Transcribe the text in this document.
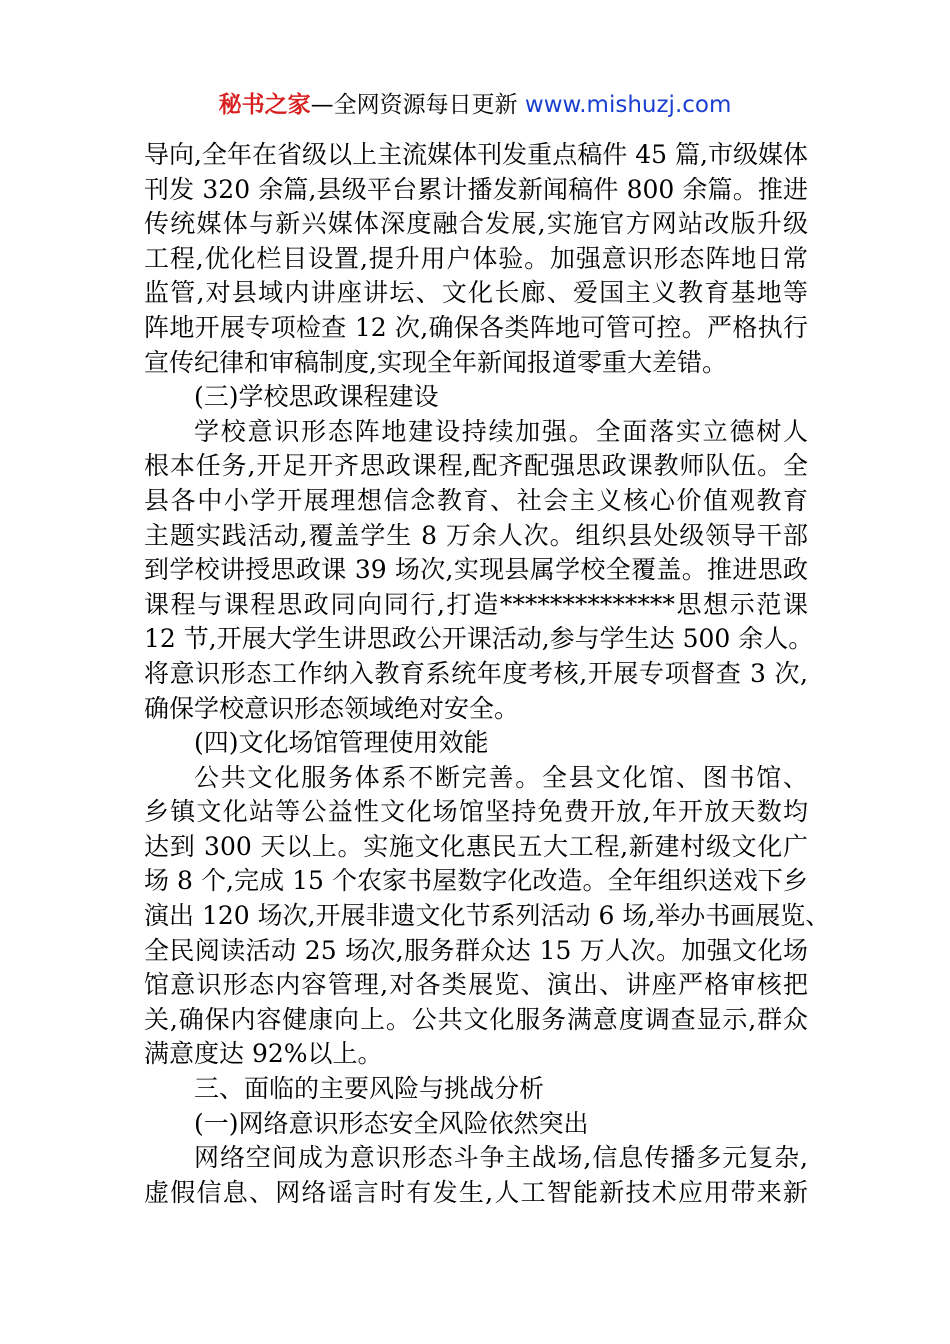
秘书之家—全网资源每日更新 www.mishuzj.com
导向,全年在省级以上主流媒体刊发重点稿件 45 篇,市级媒体
刊发 320 余篇,县级平台累计播发新闻稿件 800 余篇。推进
传统媒体与新兴媒体深度融合发展,实施官方网站改版升级
工程,优化栏目设置,提升用户体验。加强意识形态阵地日常
监管,对县域内讲座讲坛、文化长廊、爱国主义教育基地等
阵地开展专项检查 12 次,确保各类阵地可管可控。严格执行
宣传纪律和审稿制度,实现全年新闻报道零重大差错。
(三)学校思政课程建设
学校意识形态阵地建设持续加强。全面落实立德树人
根本任务,开足开齐思政课程,配齐配强思政课教师队伍。全
县各中小学开展理想信念教育、社会主义核心价值观教育
主题实践活动,覆盖学生 8 万余人次。组织县处级领导干部
到学校讲授思政课 39 场次,实现县属学校全覆盖。推进思政
课程与课程思政同向同行,打造**************思想示范课
12 节,开展大学生讲思政公开课活动,参与学生达 500 余人。
将意识形态工作纳入教育系统年度考核,开展专项督查 3 次,
确保学校意识形态领域绝对安全。
(四)文化场馆管理使用效能
公共文化服务体系不断完善。全县文化馆、图书馆、
乡镇文化站等公益性文化场馆坚持免费开放,年开放天数均
达到 300 天以上。实施文化惠民五大工程,新建村级文化广
场 8 个,完成 15 个农家书屋数字化改造。全年组织送戏下乡
演出 120 场次,开展非遗文化节系列活动 6 场,举办书画展览、
全民阅读活动 25 场次,服务群众达 15 万人次。加强文化场
馆意识形态内容管理,对各类展览、演出、讲座严格审核把
关,确保内容健康向上。公共文化服务满意度调查显示,群众
满意度达 92%以上。
三、面临的主要风险与挑战分析
(一)网络意识形态安全风险依然突出
网络空间成为意识形态斗争主战场,信息传播多元复杂,
虚假信息、网络谣言时有发生,人工智能新技术应用带来新
